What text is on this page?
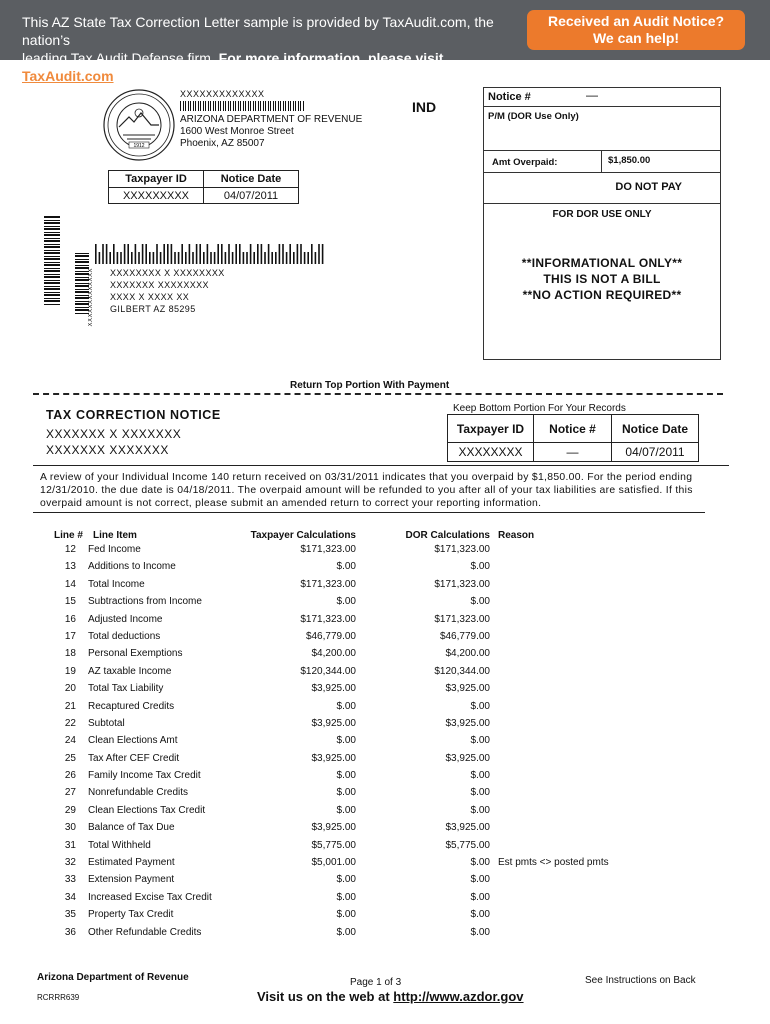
This AZ State Tax Correction Letter sample is provided by TaxAudit.com, the nation’s
leading Tax Audit Defense firm. For more information, please visit TaxAudit.com.
Received an Audit Notice?
We can help!
1912
XXXXXXXXXXXXX
ARIZONA DEPARTMENT OF REVENUE
1600 West Monroe Street
Phoenix, AZ 85007
IND
Taxpayer ID	Notice Date
XXXXXXXXX	04/07/2011
Notice #	—
P/M (DOR Use Only)
Amt Overpaid:	$1,850.00
DO NOT PAY
FOR DOR USE ONLY
**INFORMATIONAL ONLY**
THIS IS NOT A BILL
**NO ACTION REQUIRED**
XXXXXXXXXXXXX XXXXXXXX X XXXXXXXX
XXXXXXX XXXXXXXX
XXXX X XXXX XX
GILBERT AZ 85295
Return Top Portion With Payment
Keep Bottom Portion For Your Records
TAX CORRECTION NOTICE
XXXXXXX X XXXXXXX
XXXXXXX XXXXXXX
Taxpayer ID	Notice #	Notice Date
XXXXXXXX	—	04/07/2011
A review of your Individual Income 140 return received on 03/31/2011 indicates that you overpaid by $1,850.00. For the period ending 12/31/2010. the due date is 04/18/2011. The overpaid amount will be refunded to you after all of your tax liabilities are satisfied. If this overpaid amount is not correct, please submit an amended return to correct your reporting information.
Line # Line Item	Taxpayer Calculations	DOR Calculations Reason
12 Fed Income	$171,323.00	$171,323.00
13 Additions to Income	$.00	$.00
14 Total Income	$171,323.00	$171,323.00
15 Subtractions from Income	$.00	$.00
16 Adjusted Income	$171,323.00	$171,323.00
17 Total deductions	$46,779.00	$46,779.00
18 Personal Exemptions	$4,200.00	$4,200.00
19 AZ taxable Income	$120,344.00	$120,344.00
20 Total Tax Liability	$3,925.00	$3,925.00
21 Recaptured Credits	$.00	$.00
22 Subtotal	$3,925.00	$3,925.00
24 Clean Elections Amt	$.00	$.00
25 Tax After CEF Credit	$3,925.00	$3,925.00
26 Family Income Tax Credit	$.00	$.00
27 Nonrefundable Credits	$.00	$.00
29 Clean Elections Tax Credit	$.00	$.00
30 Balance of Tax Due	$3,925.00	$3,925.00
31 Total Withheld	$5,775.00	$5,775.00
32 Estimated Payment	$5,001.00	$.00 Est pmts <> posted pmts
33 Extension Payment	$.00	$.00
34 Increased Excise Tax Credit	$.00	$.00
35 Property Tax Credit	$.00	$.00
36 Other Refundable Credits	$.00	$.00
Arizona Department of Revenue
RCRRR639
Page 1 of 3
Visit us on the web at http://www.azdor.gov
See Instructions on Back
